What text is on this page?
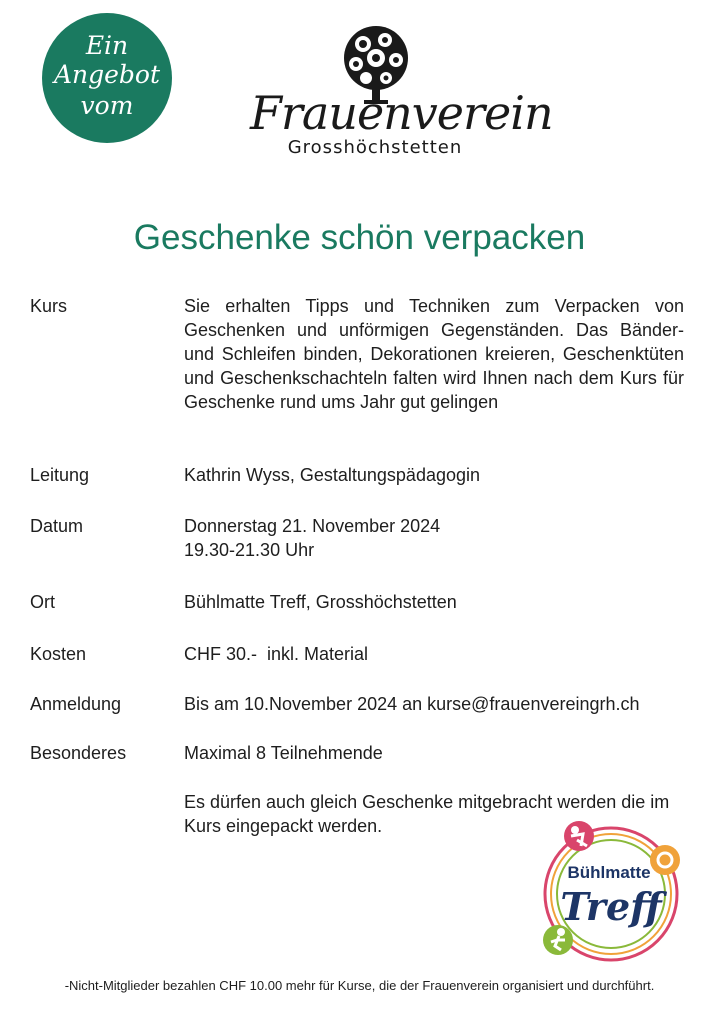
Ein
Angebot
vom	Frauenverein
Grosshöchstetten
Geschenke schön verpacken
Kurs	Sie erhalten Tipps und Techniken zum Verpacken von Geschenken und unförmigen Gegenständen. Das Bänder- und Schleifen binden, Dekorationen kreieren, Geschenktüten und Geschenkschachteln falten wird Ihnen nach dem Kurs für Geschenke rund ums Jahr gut gelingen
Leitung	Kathrin Wyss, Gestaltungspädagogin
Datum	Donnerstag 21. November 2024
19.30-21.30 Uhr
Ort	Bühlmatte Treff, Grosshöchstetten
Kosten	CHF 30.-  inkl. Material
Anmeldung	Bis am 10.November 2024 an kurse@frauenvereingrh.ch
Besonderes	Maximal 8 Teilnehmende
Es dürfen auch gleich Geschenke mitgebracht werden die im Kurs eingepackt werden.
Bühlmatte
Treff
-Nicht-Mitglieder bezahlen CHF 10.00 mehr für Kurse, die der Frauenverein organisiert und durchführt.
